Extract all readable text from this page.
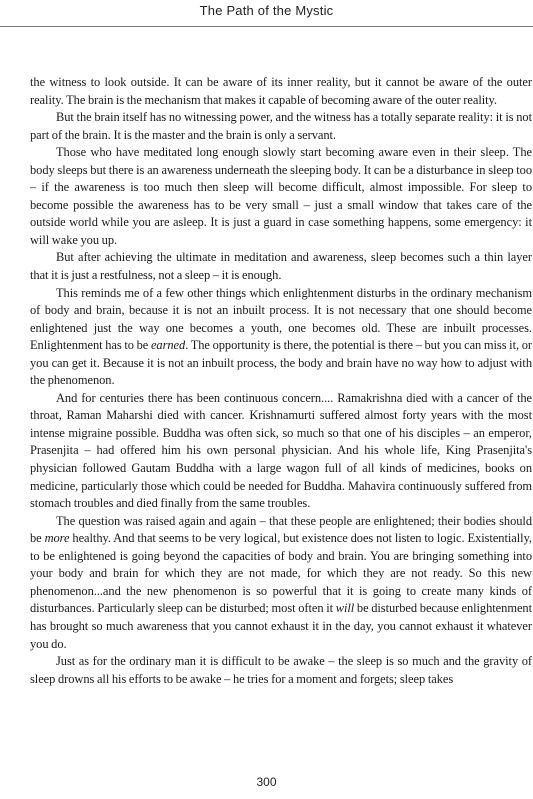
The Path of the Mystic

the witness to look outside. It can be aware of its inner reality, but it cannot be aware of the outer reality. The brain is the mechanism that makes it capable of becoming aware of the outer reality.

But the brain itself has no witnessing power, and the witness has a totally separate reality: it is not part of the brain. It is the master and the brain is only a servant.

Those who have meditated long enough slowly start becoming aware even in their sleep. The body sleeps but there is an awareness underneath the sleeping body. It can be a disturbance in sleep too – if the awareness is too much then sleep will become difficult, almost impossible. For sleep to become possible the awareness has to be very small – just a small window that takes care of the outside world while you are asleep. It is just a guard in case something happens, some emergency: it will wake you up.

But after achieving the ultimate in meditation and awareness, sleep becomes such a thin layer that it is just a restfulness, not a sleep – it is enough.

This reminds me of a few other things which enlightenment disturbs in the ordinary mechanism of body and brain, because it is not an inbuilt process. It is not necessary that one should become enlightened just the way one becomes a youth, one becomes old. These are inbuilt processes. Enlightenment has to be earned. The opportunity is there, the potential is there – but you can miss it, or you can get it. Because it is not an inbuilt process, the body and brain have no way how to adjust with the phenomenon.

And for centuries there has been continuous concern.... Ramakrishna died with a cancer of the throat, Raman Maharshi died with cancer. Krishnamurti suffered almost forty years with the most intense migraine possible. Buddha was often sick, so much so that one of his disciples – an emperor, Prasenjita – had offered him his own personal physician. And his whole life, King Prasenjita's physician followed Gautam Buddha with a large wagon full of all kinds of medicines, books on medicine, particularly those which could be needed for Buddha. Mahavira continuously suffered from stomach troubles and died finally from the same troubles.

The question was raised again and again – that these people are enlightened; their bodies should be more healthy. And that seems to be very logical, but existence does not listen to logic. Existentially, to be enlightened is going beyond the capacities of body and brain. You are bringing something into your body and brain for which they are not made, for which they are not ready. So this new phenomenon...and the new phenomenon is so powerful that it is going to create many kinds of disturbances. Particularly sleep can be disturbed; most often it will be disturbed because enlightenment has brought so much awareness that you cannot exhaust it in the day, you cannot exhaust it whatever you do.

Just as for the ordinary man it is difficult to be awake – the sleep is so much and the gravity of sleep drowns all his efforts to be awake – he tries for a moment and forgets; sleep takes

300
